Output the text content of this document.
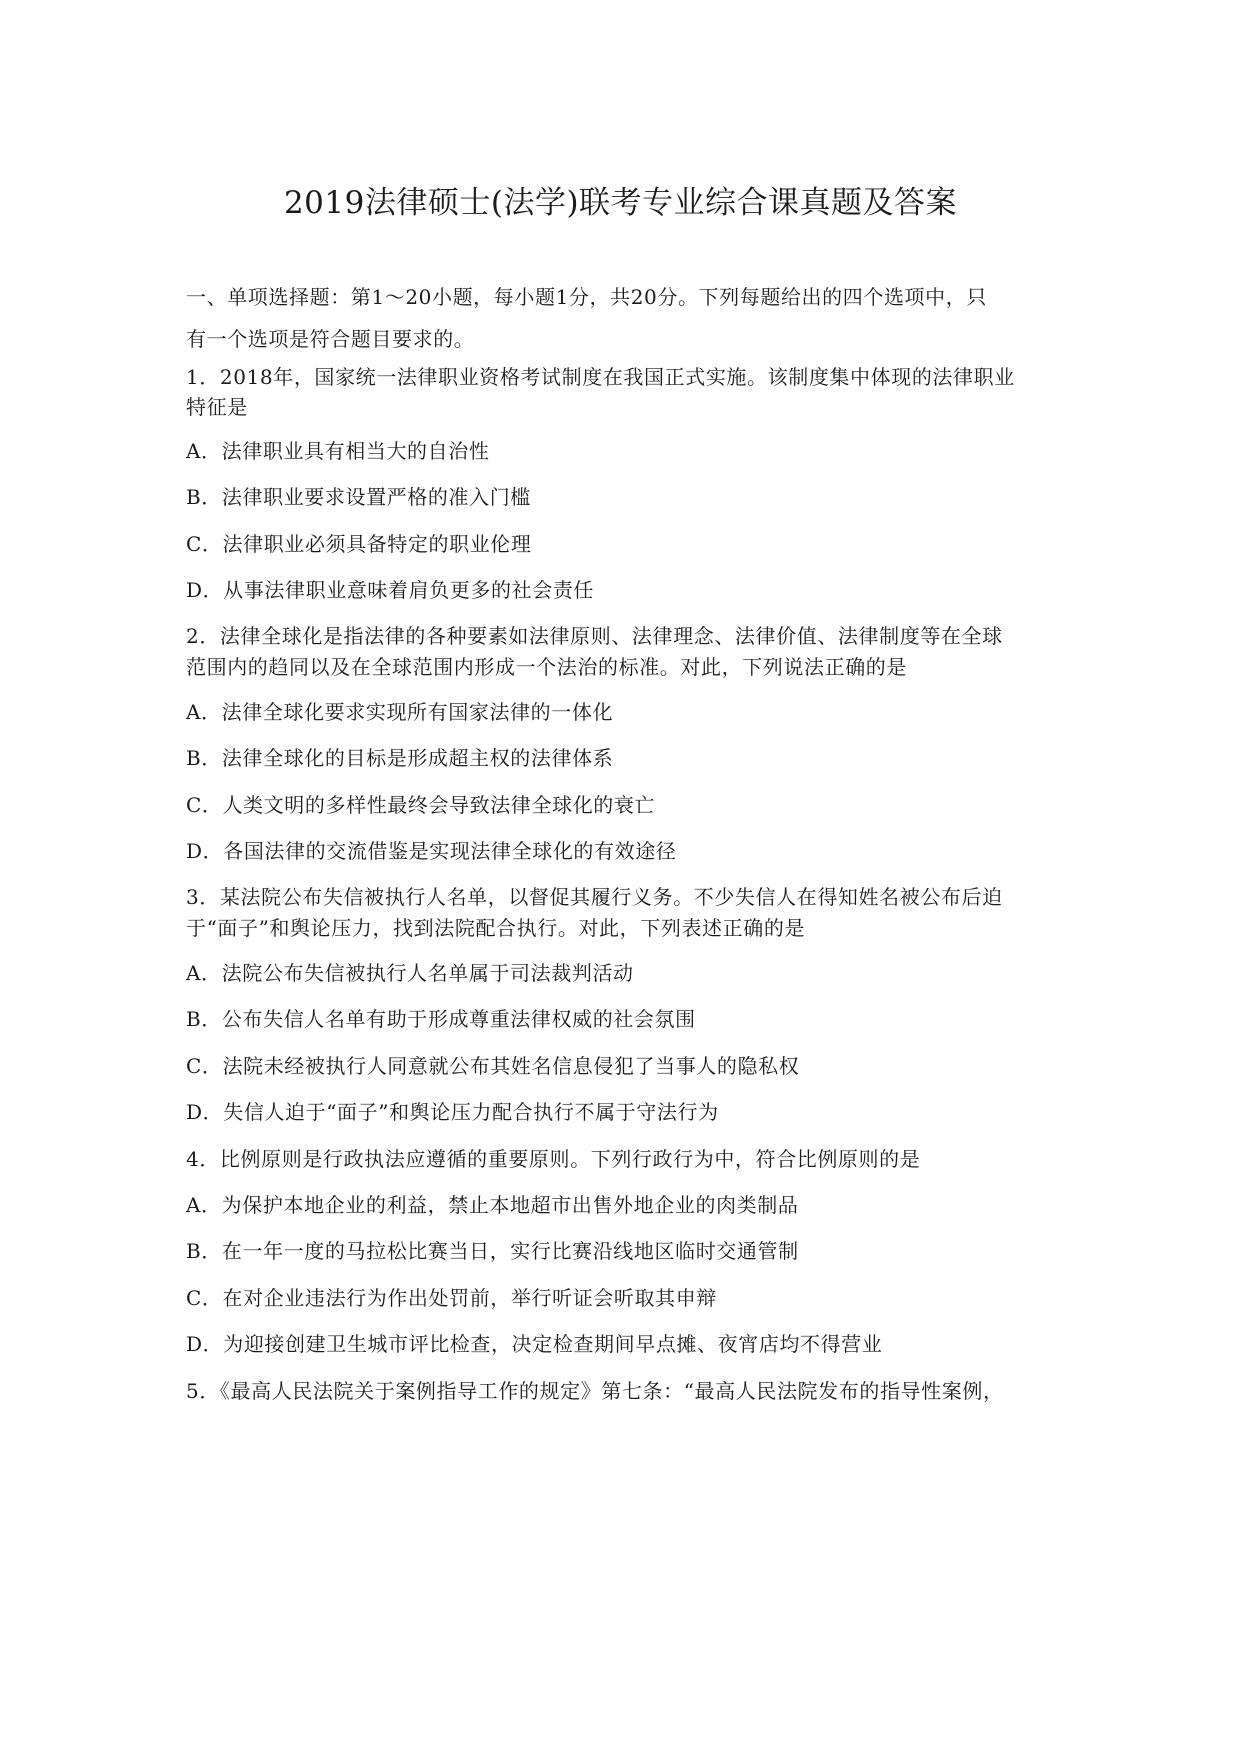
2019法律硕士(法学)联考专业综合课真题及答案
一、单项选择题：第1～20小题，每小题1分，共20分。下列每题给出的四个选项中，只
有一个选项是符合题目要求的。
1．2018年，国家统一法律职业资格考试制度在我国正式实施。该制度集中体现的法律职业
特征是
A．法律职业具有相当大的自治性
B．法律职业要求设置严格的准入门槛
C．法律职业必须具备特定的职业伦理
D．从事法律职业意味着肩负更多的社会责任
2．法律全球化是指法律的各种要素如法律原则、法律理念、法律价值、法律制度等在全球
范围内的趋同以及在全球范围内形成一个法治的标准。对此，下列说法正确的是
A．法律全球化要求实现所有国家法律的一体化
B．法律全球化的目标是形成超主权的法律体系
C．人类文明的多样性最终会导致法律全球化的衰亡
D．各国法律的交流借鉴是实现法律全球化的有效途径
3．某法院公布失信被执行人名单，以督促其履行义务。不少失信人在得知姓名被公布后迫
于“面子”和舆论压力，找到法院配合执行。对此，下列表述正确的是
A．法院公布失信被执行人名单属于司法裁判活动
B．公布失信人名单有助于形成尊重法律权威的社会氛围
C．法院未经被执行人同意就公布其姓名信息侵犯了当事人的隐私权
D．失信人迫于“面子”和舆论压力配合执行不属于守法行为
4．比例原则是行政执法应遵循的重要原则。下列行政行为中，符合比例原则的是
A．为保护本地企业的利益，禁止本地超市出售外地企业的肉类制品
B．在一年一度的马拉松比赛当日，实行比赛沿线地区临时交通管制
C．在对企业违法行为作出处罚前，举行听证会听取其申辩
D．为迎接创建卫生城市评比检查，决定检查期间早点摊、夜宵店均不得营业
5．《最高人民法院关于案例指导工作的规定》第七条：“最高人民法院发布的指导性案例，
